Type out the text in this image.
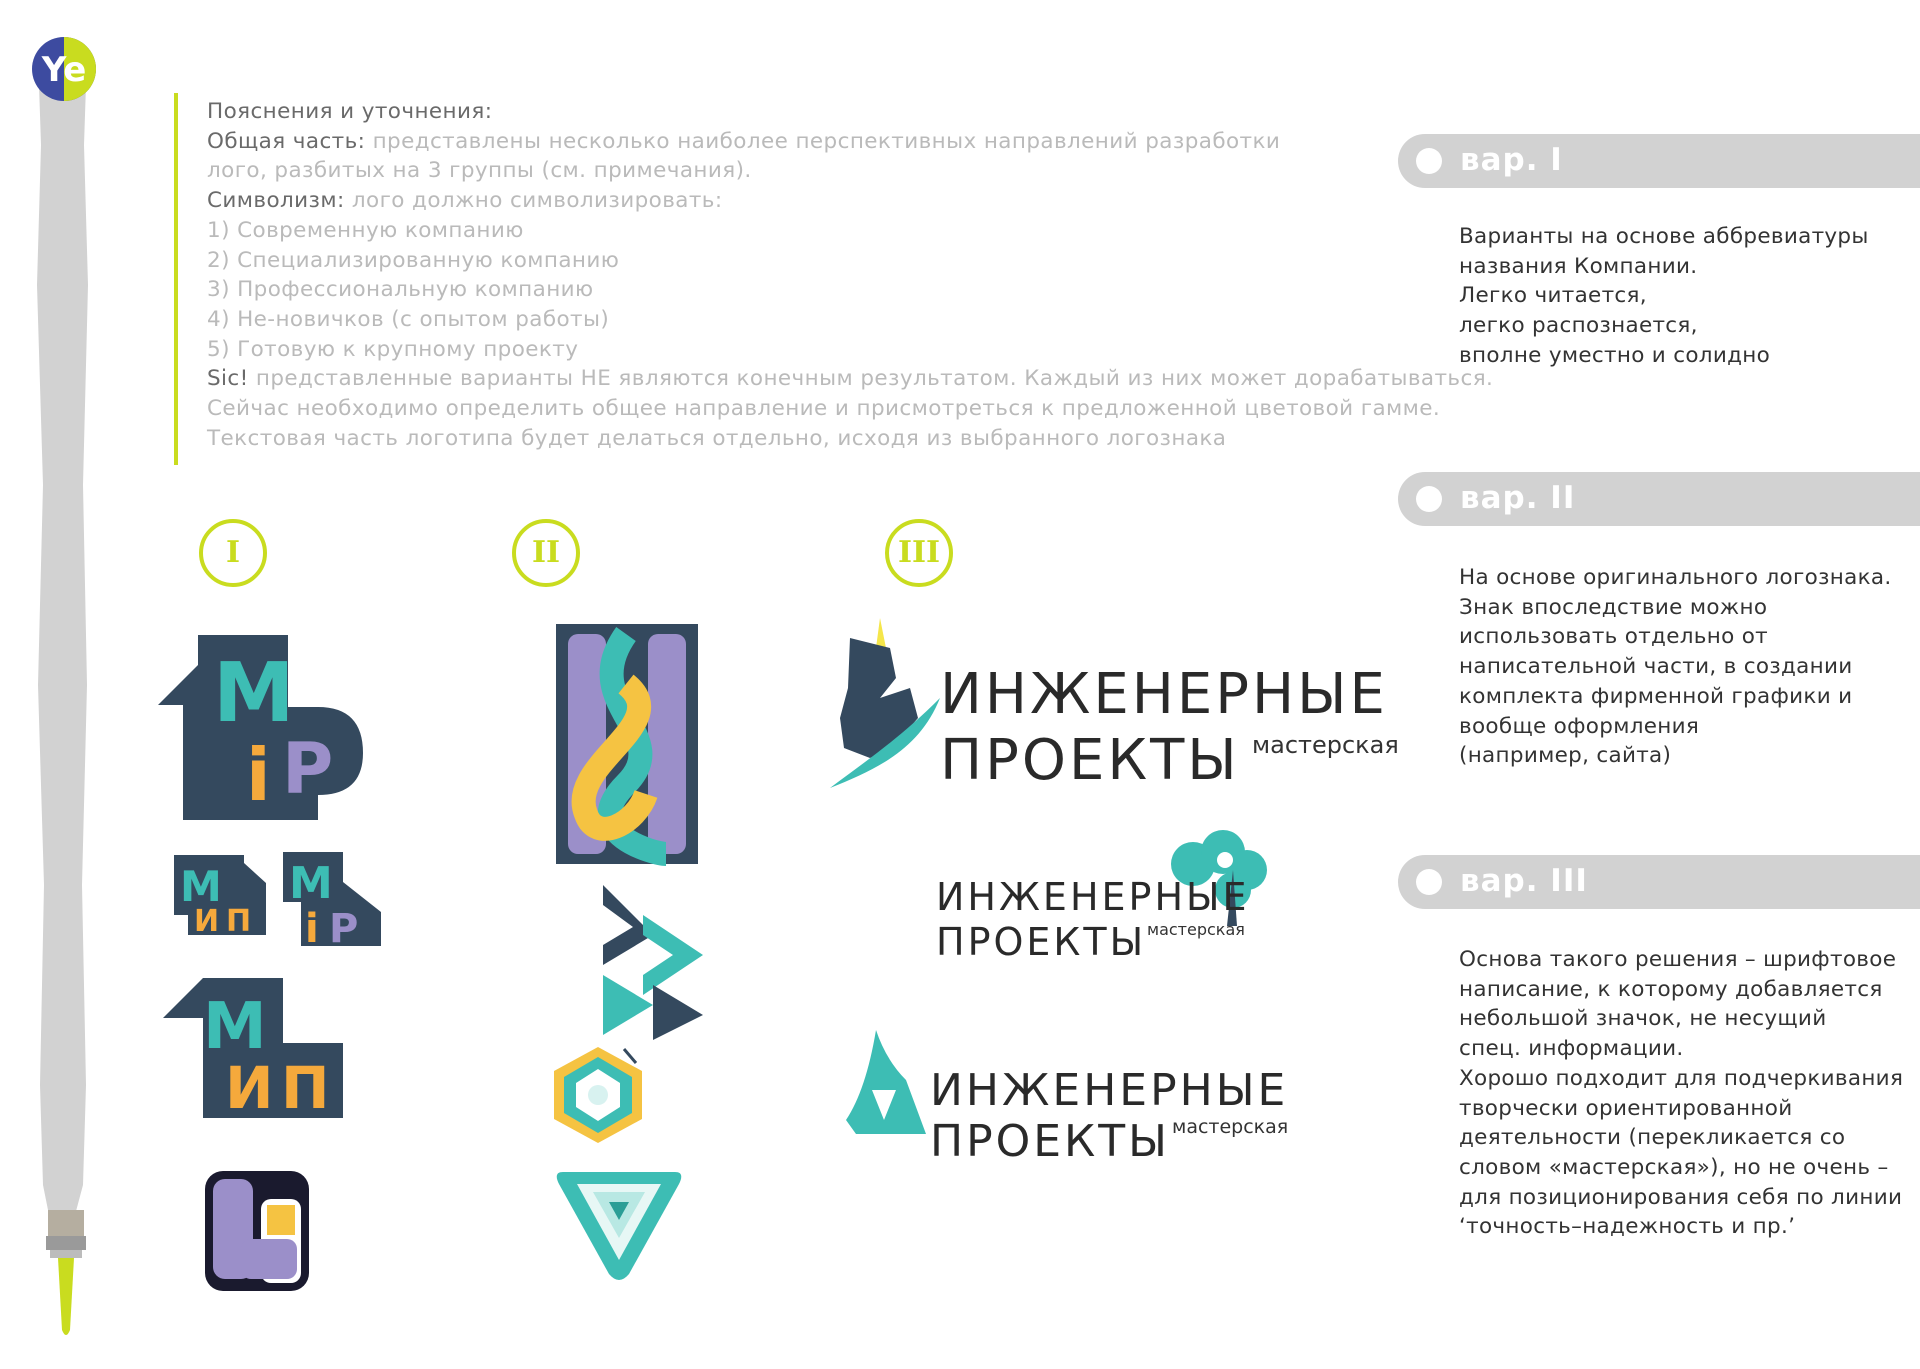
Ye
Пояснения и уточнения:
Общая часть: представлены несколько наиболее перспективных направлений разработки
лого, разбитых на 3 группы (см. примечания).
Символизм: лого должно символизировать:
1) Современную компанию
2) Специализированную компанию
3) Профессиональную компанию
4) Не-новичков (с опытом работы)
5) Готовую к крупному проекту
Sic! представленные варианты НЕ являются конечным результатом. Каждый из них может дорабатываться.
Сейчас необходимо определить общее направление и присмотреться к предложенной цветовой гамме.
Текстовая часть логотипа будет делаться отдельно, исходя из выбранного логознака
I	II	III
M
i P
M
И П
M
i P
M
И П
ИНЖЕНЕРНЫЕ
ПРОЕКТЫ мастерская
ИНЖЕНЕРНЫЕ
ПРОЕКТЫ мастерская
ИНЖЕНЕРНЫЕ
ПРОЕКТЫ мастерская
вар. I
Варианты на основе аббревиатуры
названия Компании.
Легко читается,
легко распознается,
вполне уместно и солидно
вар. II
На основе оригинального логознака.
Знак впоследствие можно
использовать отдельно от
написательной части, в создании
комплекта фирменной графики и
вообще оформления
(например, сайта)
вар. III
Основа такого решения – шрифтовое
написание, к которому добавляется
небольшой значок, не несущий
спец. информации.
Хорошо подходит для подчеркивания
творчески ориентированной
деятельности (перекликается со
словом «мастерская»), но не очень –
для позиционирования себя по линии
‘точность–надежность и пр.’
